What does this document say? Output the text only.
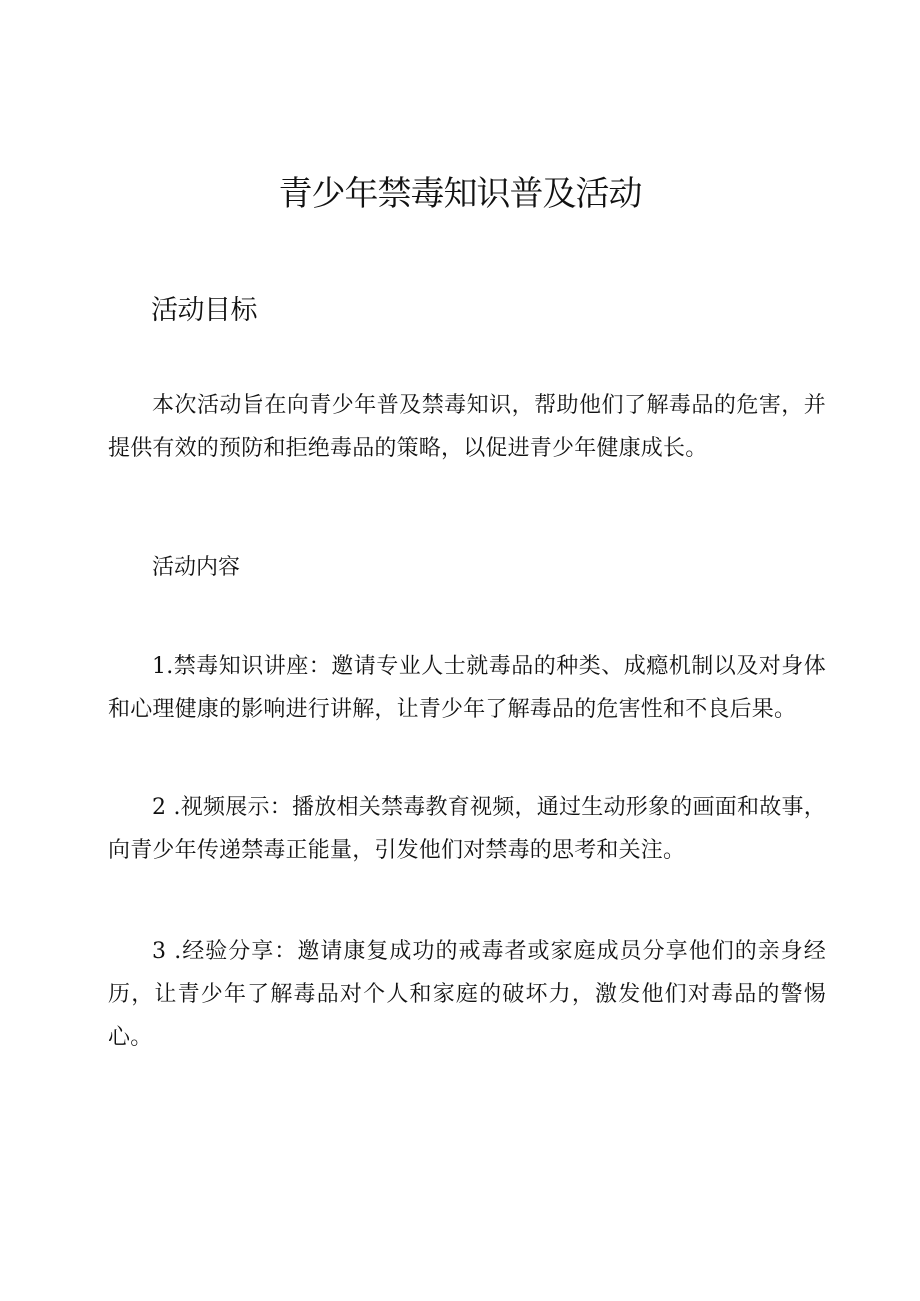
青少年禁毒知识普及活动
活动目标

本次活动旨在向青少年普及禁毒知识，帮助他们了解毒品的危害，并提供有效的预防和拒绝毒品的策略，以促进青少年健康成长。

活动内容

1.禁毒知识讲座：邀请专业人士就毒品的种类、成瘾机制以及对身体和心理健康的影响进行讲解，让青少年了解毒品的危害性和不良后果。

2 .视频展示：播放相关禁毒教育视频，通过生动形象的画面和故事，向青少年传递禁毒正能量，引发他们对禁毒的思考和关注。

3 .经验分享：邀请康复成功的戒毒者或家庭成员分享他们的亲身经历，让青少年了解毒品对个人和家庭的破坏力，激发他们对毒品的警惕心。
